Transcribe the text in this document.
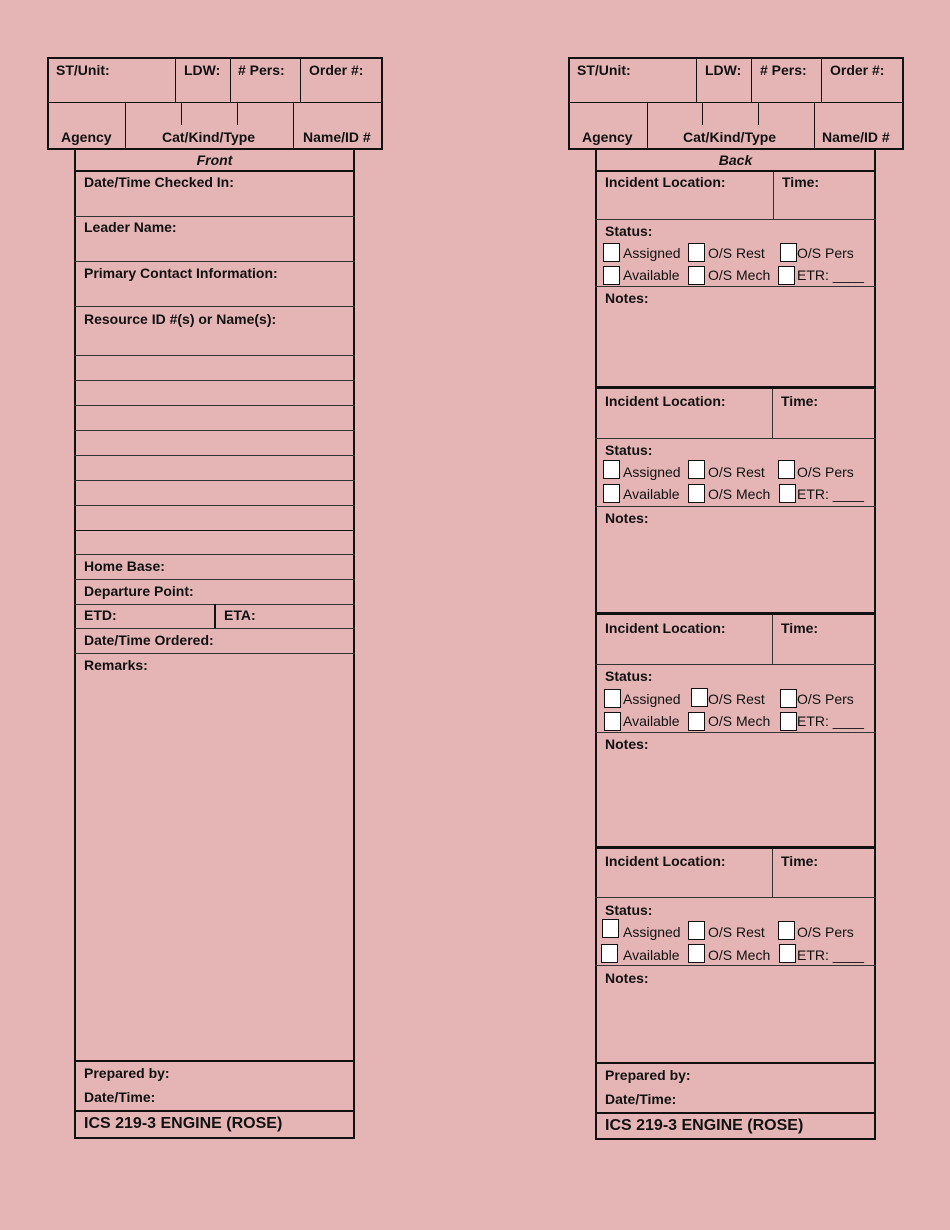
ST/Unit:	LDW: # Pers: Order #:
Agency	Cat/Kind/Type	Name/ID #
Front
Date/Time Checked In:
Leader Name:
Primary Contact Information:
Resource ID #(s) or Name(s):
Home Base:
Departure Point:
ETD:	ETA:
Date/Time Ordered:
Remarks:
Prepared by:
Date/Time:
ICS 219-3 ENGINE (ROSE)
ST/Unit:	LDW: # Pers: Order #:
Agency	Cat/Kind/Type	Name/ID #
Back
Incident Location:	Time:
Status:
Assigned O/S Rest O/S Pers
Available O/S Mech ETR: ____
Notes:
Incident Location:	Time:
Status:
Assigned O/S Rest O/S Pers
Available O/S Mech ETR: ____
Notes:
Incident Location:	Time:
Status:
Assigned O/S Rest O/S Pers
Available O/S Mech ETR: ____
Notes:
Incident Location:	Time:
Status:
Assigned O/S Rest O/S Pers
Available O/S Mech ETR: ____
Notes:
Prepared by:
Date/Time:
ICS 219-3 ENGINE (ROSE)
